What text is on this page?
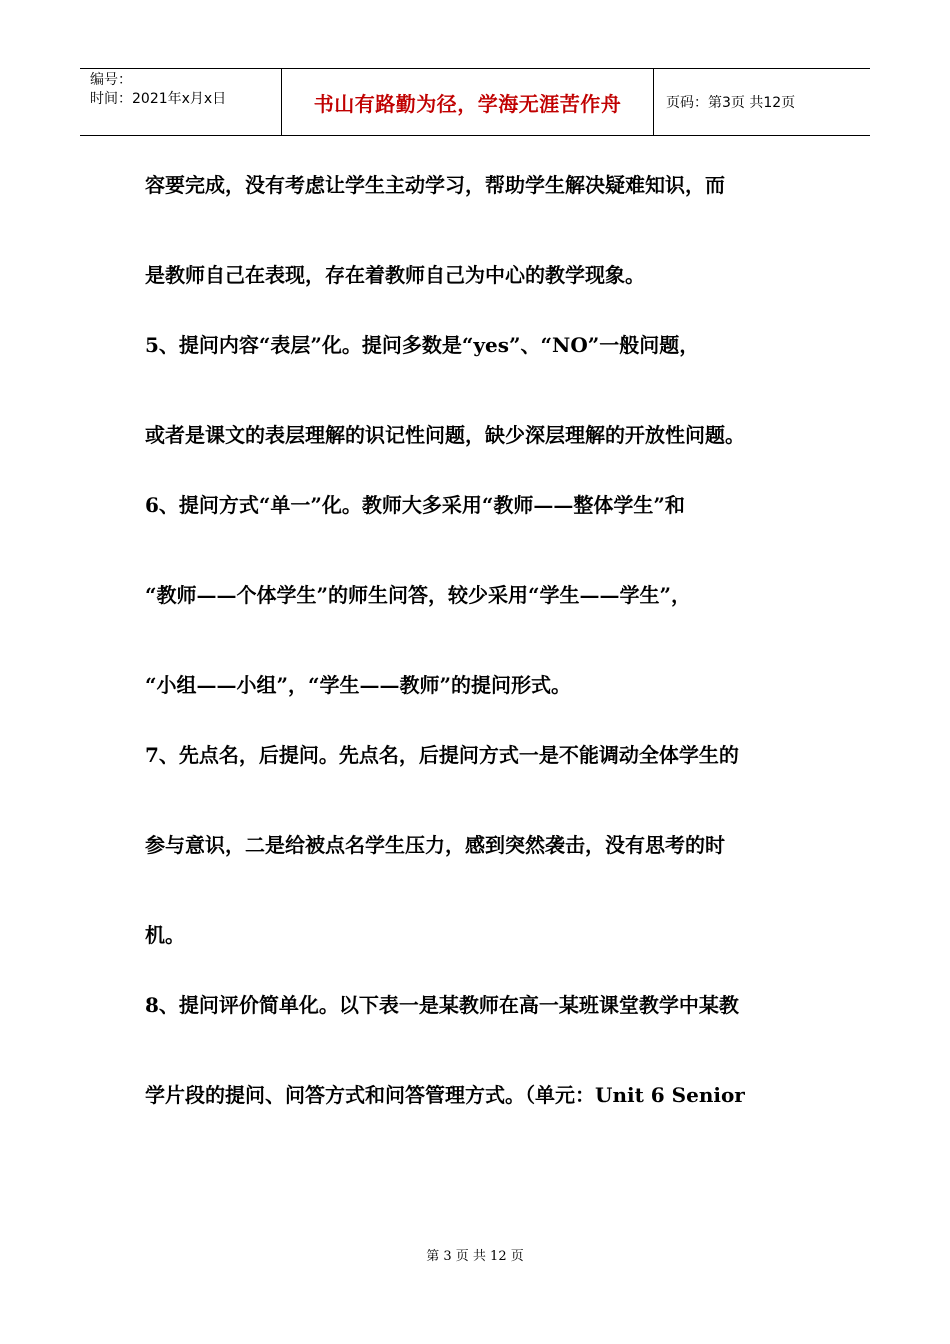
编号：
时间：2021年x月x日	书山有路勤为径，学海无涯苦作舟	页码：第3页 共12页
容要完成，没有考虑让学生主动学习，帮助学生解决疑难知识，而
是教师自己在表现，存在着教师自己为中心的教学现象。
5、提问内容“表层”化。提问多数是“yes”、“NO”一般问题，
或者是课文的表层理解的识记性问题，缺少深层理解的开放性问题。
6、提问方式“单一”化。教师大多采用“教师——整体学生”和
“教师——个体学生”的师生问答，较少采用“学生——学生”，
“小组——小组”，“学生——教师”的提问形式。
7、先点名，后提问。先点名，后提问方式一是不能调动全体学生的
参与意识，二是给被点名学生压力，感到突然袭击，没有思考的时
机。
8、提问评价简单化。以下表一是某教师在高一某班课堂教学中某教
学片段的提问、问答方式和问答管理方式。（单元：Unit 6 Senior
第 3 页 共 12 页
